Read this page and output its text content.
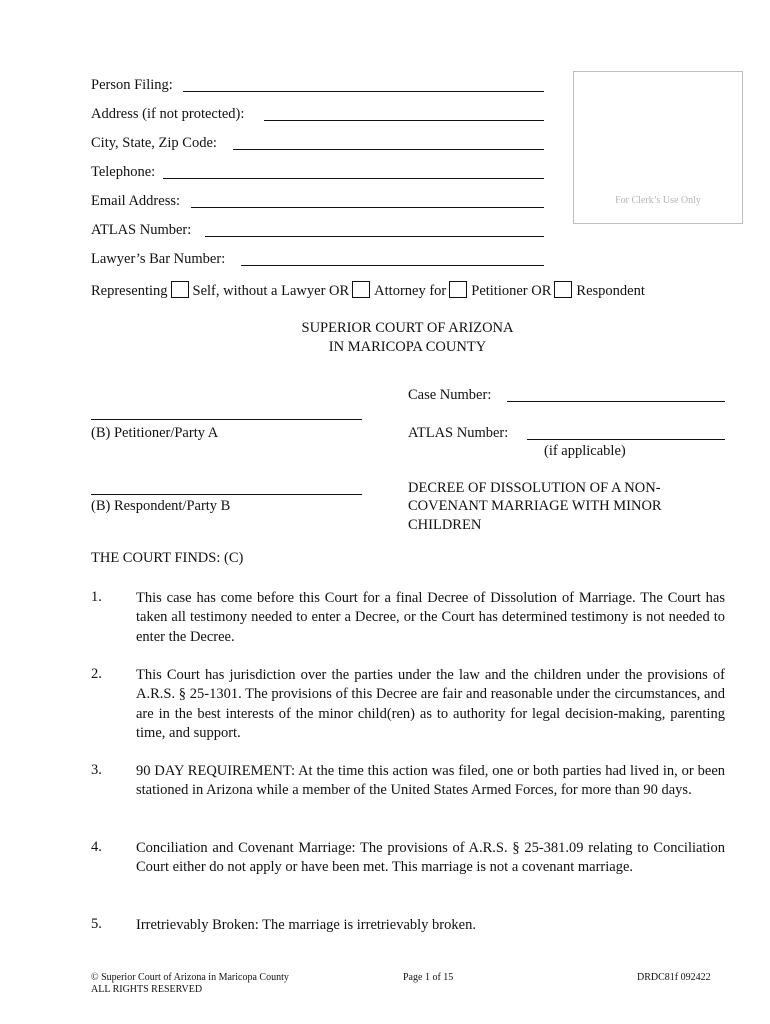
Person Filing:
Address (if not protected):
City, State, Zip Code:
Telephone:
Email Address:
ATLAS Number:
Lawyer’s Bar Number:
For Clerk’s Use Only
Representing Self, without a Lawyer OR Attorney for Petitioner OR Respondent
SUPERIOR COURT OF ARIZONA
IN MARICOPA COUNTY
(B) Petitioner/Party A
(B) Respondent/Party B
Case Number:
ATLAS Number:
(if applicable)
DECREE OF DISSOLUTION OF A NON-
COVENANT MARRIAGE WITH MINOR
CHILDREN
THE COURT FINDS: (C)
1. This case has come before this Court for a final Decree of Dissolution of Marriage. The Court has taken all testimony needed to enter a Decree, or the Court has determined testimony is not needed to enter the Decree.
2. This Court has jurisdiction over the parties under the law and the children under the provisions of A.R.S. § 25-1301. The provisions of this Decree are fair and reasonable under the circumstances, and are in the best interests of the minor child(ren) as to authority for legal decision-making, parenting time, and support.
3. 90 DAY REQUIREMENT: At the time this action was filed, one or both parties had lived in, or been stationed in Arizona while a member of the United States Armed Forces, for more than 90 days.
4. Conciliation and Covenant Marriage: The provisions of A.R.S. § 25-381.09 relating to Conciliation Court either do not apply or have been met. This marriage is not a covenant marriage.
5. Irretrievably Broken: The marriage is irretrievably broken.
© Superior Court of Arizona in Maricopa County
ALL RIGHTS RESERVED
Page 1 of 15	DRDC81f 092422
